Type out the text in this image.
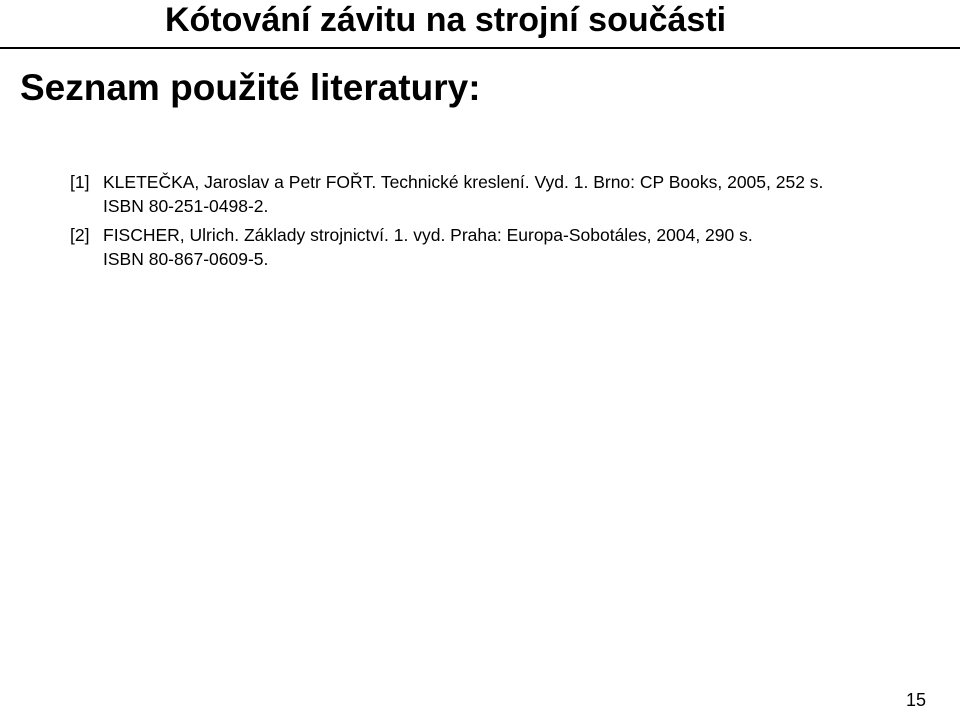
Kótování závitu na strojní součásti
Seznam použité literatury:
[1] KLETEČKA, Jaroslav a Petr FOŘT. Technické kreslení. Vyd. 1. Brno: CP Books, 2005, 252 s.
ISBN 80-251-0498-2.
[2] FISCHER, Ulrich. Základy strojnictví. 1. vyd. Praha: Europa-Sobotáles, 2004, 290 s.
ISBN 80-867-0609-5.
15
